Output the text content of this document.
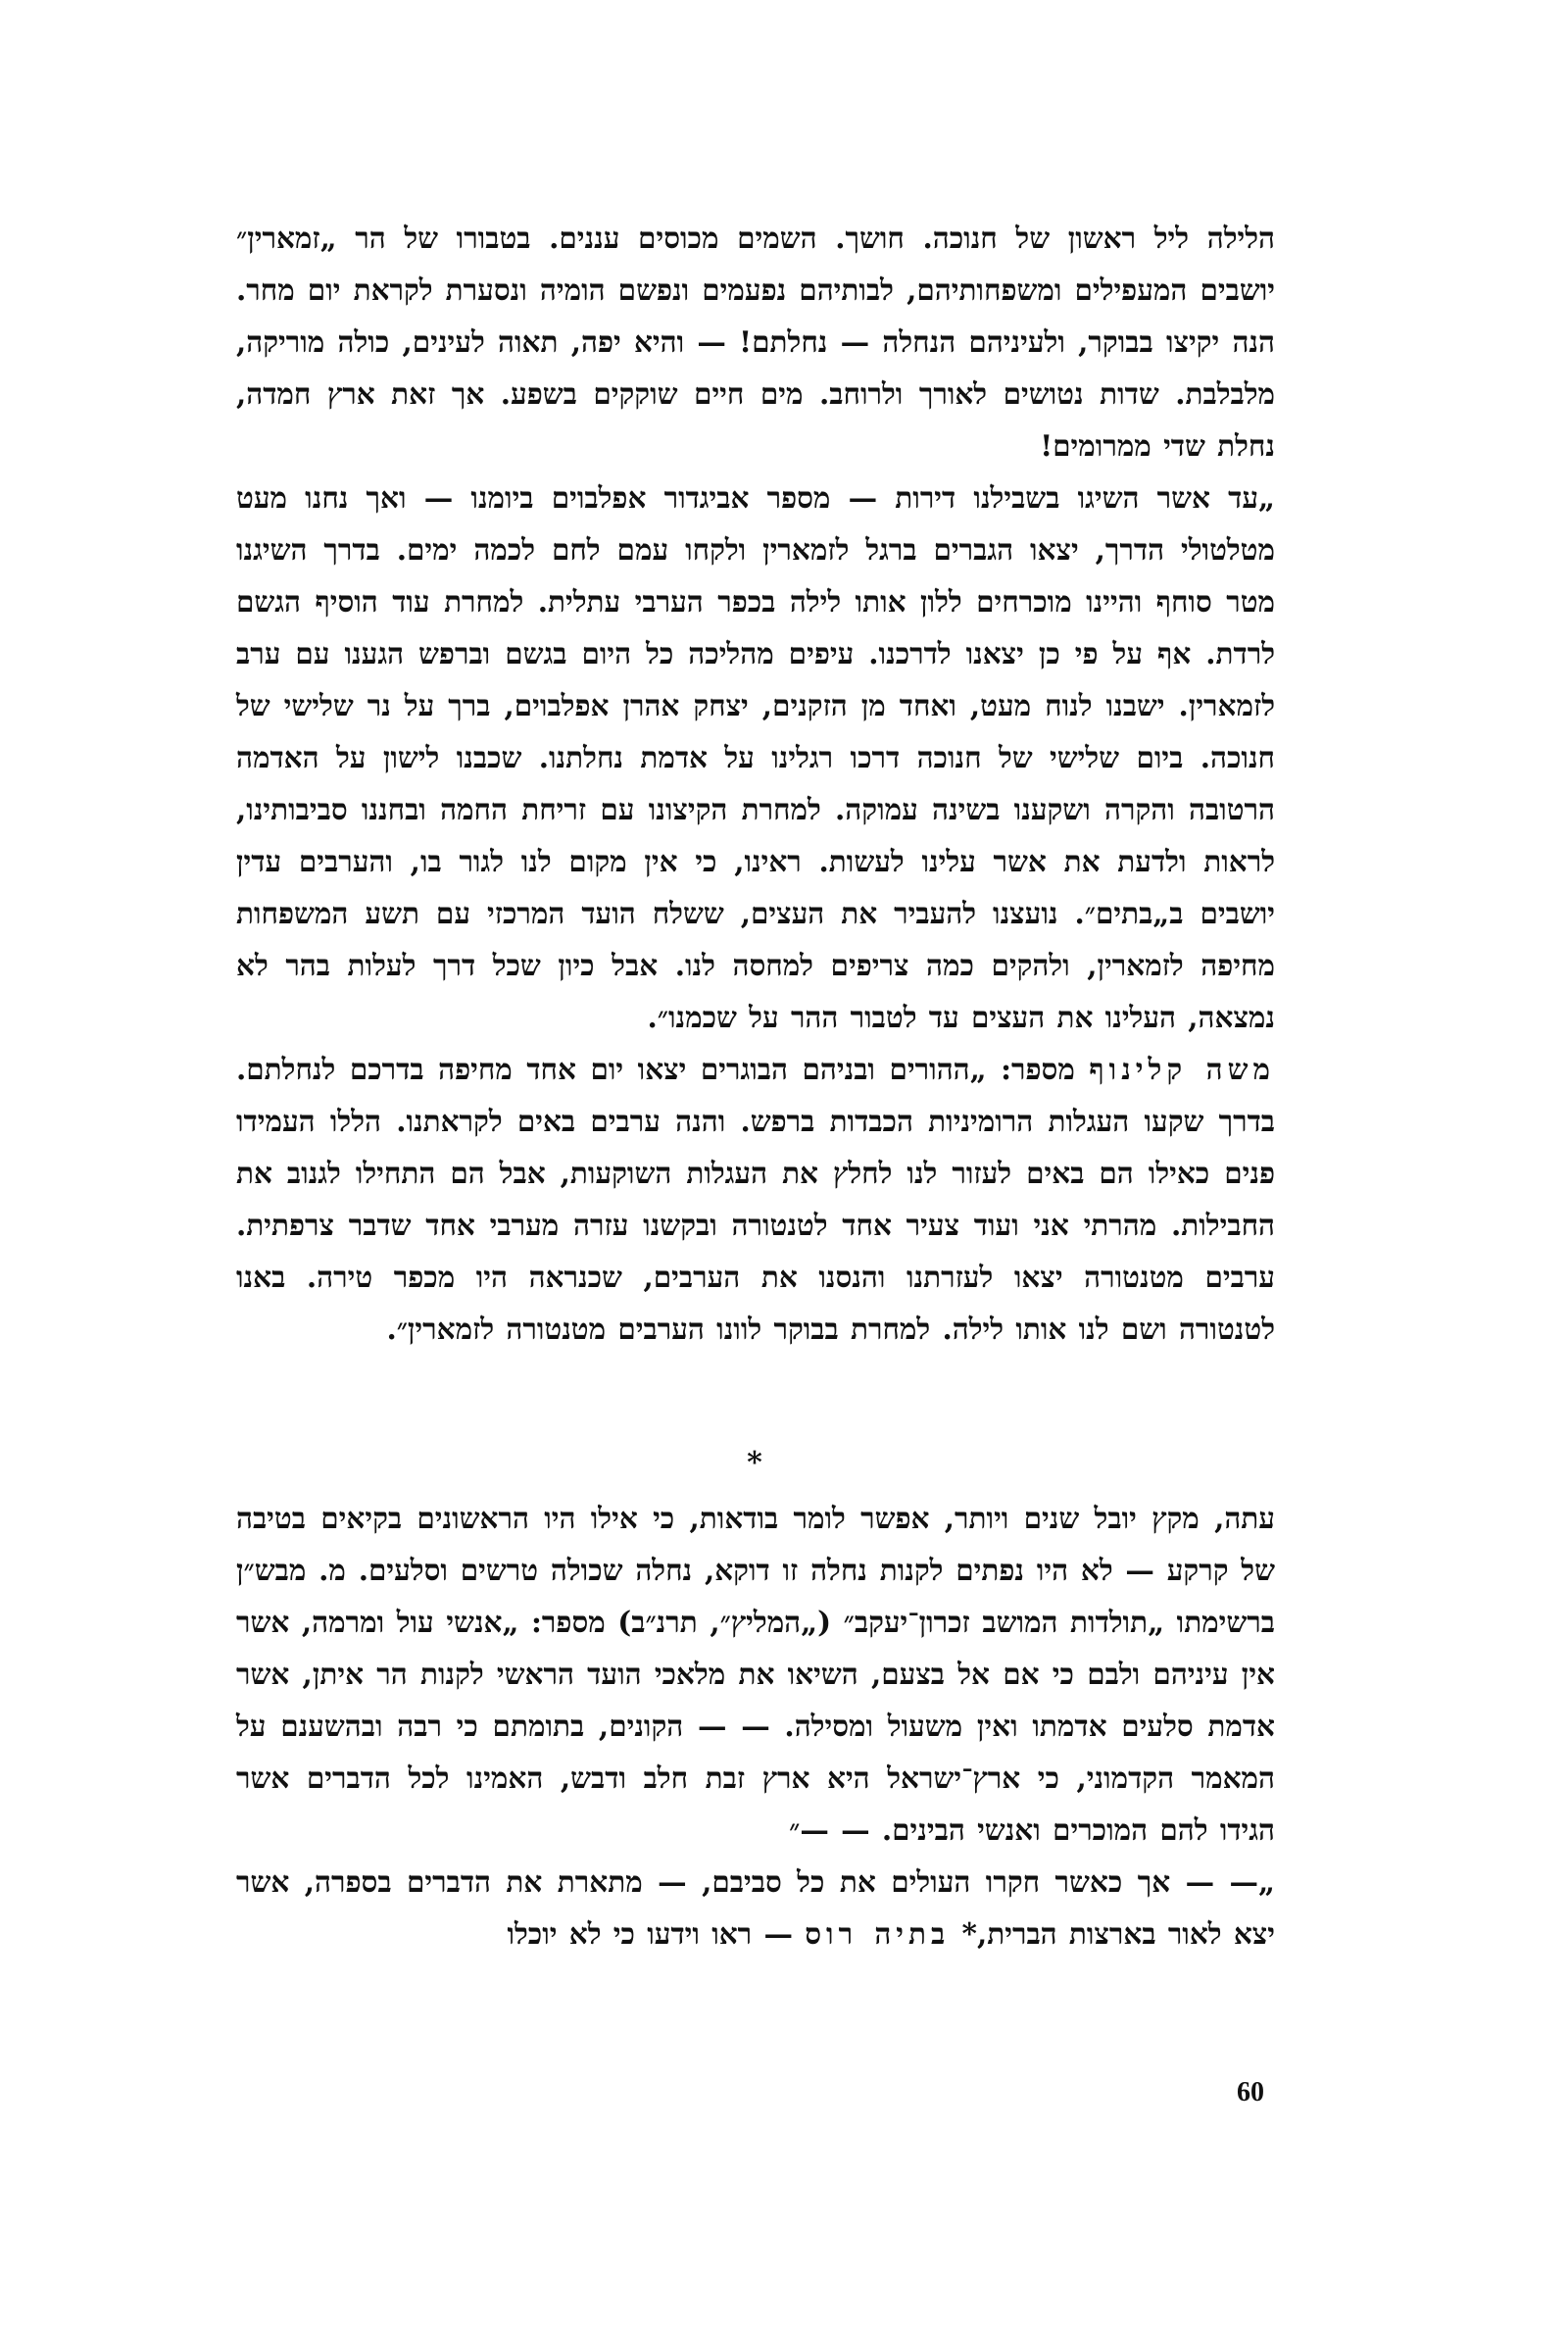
הלילה ליל ראשון של חנוכה. חושך. השמים מכוסים עננים. בטבורו של הר „זמארין״ יושבים המעפילים ומשפחותיהם, לבותיהם נפעמים ונפשם הומיה ונסערת לקראת יום מחר. הנה יקיצו בבוקר, ולעיניהם הנחלה — נחלתם! — והיא יפה, תאוה לעינים, כולה מוריקה, מלבלבת. שדות נטושים לאורך ולרוחב. מים חיים שוקקים בשפע. אך זאת ארץ חמדה, נחלת שדי ממרומים!

„עד אשר השיגו בשבילנו דירות — מספר אביגדור אפלבוים ביומנו — ואך נחנו מעט מטלטולי הדרך, יצאו הגברים ברגל לזמארין ולקחו עמם לחם לכמה ימים. בדרך השיגנו מטר סוחף והיינו מוכרחים ללון אותו לילה בכפר הערבי עתלית. למחרת עוד הוסיף הגשם לרדת. אף על פי כן יצאנו לדרכנו. עיפים מהליכה כל היום בגשם וברפש הגענו עם ערב לזמארין. ישבנו לנוח מעט, ואחד מן הזקנים, יצחק אהרן אפלבוים, ברך על נר שלישי של חנוכה. ביום שלישי של חנוכה דרכו רגלינו על אדמת נחלתנו. שכבנו לישון על האדמה הרטובה והקרה ושקענו בשינה עמוקה. למחרת הקיצונו עם זריחת החמה ובחננו סביבותינו, לראות ולדעת את אשר עלינו לעשות. ראינו, כי אין מקום לנו לגור בו, והערבים עדין יושבים ב„בתים״. נועצנו להעביר את העצים, ששלח הועד המרכזי עם תשע המשפחות מחיפה לזמארין, ולהקים כמה צריפים למחסה לנו. אבל כיון שכל דרך לעלות בהר לא נמצאה, העלינו את העצים עד לטבור ההר על שכמנו״.

משה קלינוף מספר: „ההורים ובניהם הבוגרים יצאו יום אחד מחיפה בדרכם לנחלתם. בדרך שקעו העגלות הרומיניות הכבדות ברפש. והנה ערבים באים לקראתנו. הללו העמידו פנים כאילו הם באים לעזור לנו לחלץ את העגלות השוקעות, אבל הם התחילו לגנוב את החבילות. מהרתי אני ועוד צעיר אחד לטנטורה ובקשנו עזרה מערבי אחד שדבר צרפתית. ערבים מטנטורה יצאו לעזרתנו והנסנו את הערבים, שכנראה היו מכפר טירה. באנו לטנטורה ושם לנו אותו לילה. למחרת בבוקר לוונו הערבים מטנטורה לזמארין״.

*

עתה, מקץ יובל שנים ויותר, אפשר לומר בודאות, כי אילו היו הראשונים בקיאים בטיבה של קרקע — לא היו נפתים לקנות נחלה זו דוקא, נחלה שכולה טרשים וסלעים. מ. מבש״ן ברשימתו „תולדות המושב זכרון־יעקב״ („המליץ״, תרנ״ב) מספר: „אנשי עול ומרמה, אשר אין עיניהם ולבם כי אם אל בצעם, השיאו את מלאכי הועד הראשי לקנות הר איתן, אשר אדמת סלעים אדמתו ואין משעול ומסילה. — — הקונים, בתומתם כי רבה ובהשענם על המאמר הקדמוני, כי ארץ־ישראל היא ארץ זבת חלב ודבש, האמינו לכל הדברים אשר הגידו להם המוכרים ואנשי הבינים. — —״

„— — אך כאשר חקרו העולים את כל סביבם, — מתארת את הדברים בספרה, אשר יצא לאור בארצות הברית,* בתיה רוס — ראו וידעו כי לא יוכלו

60
